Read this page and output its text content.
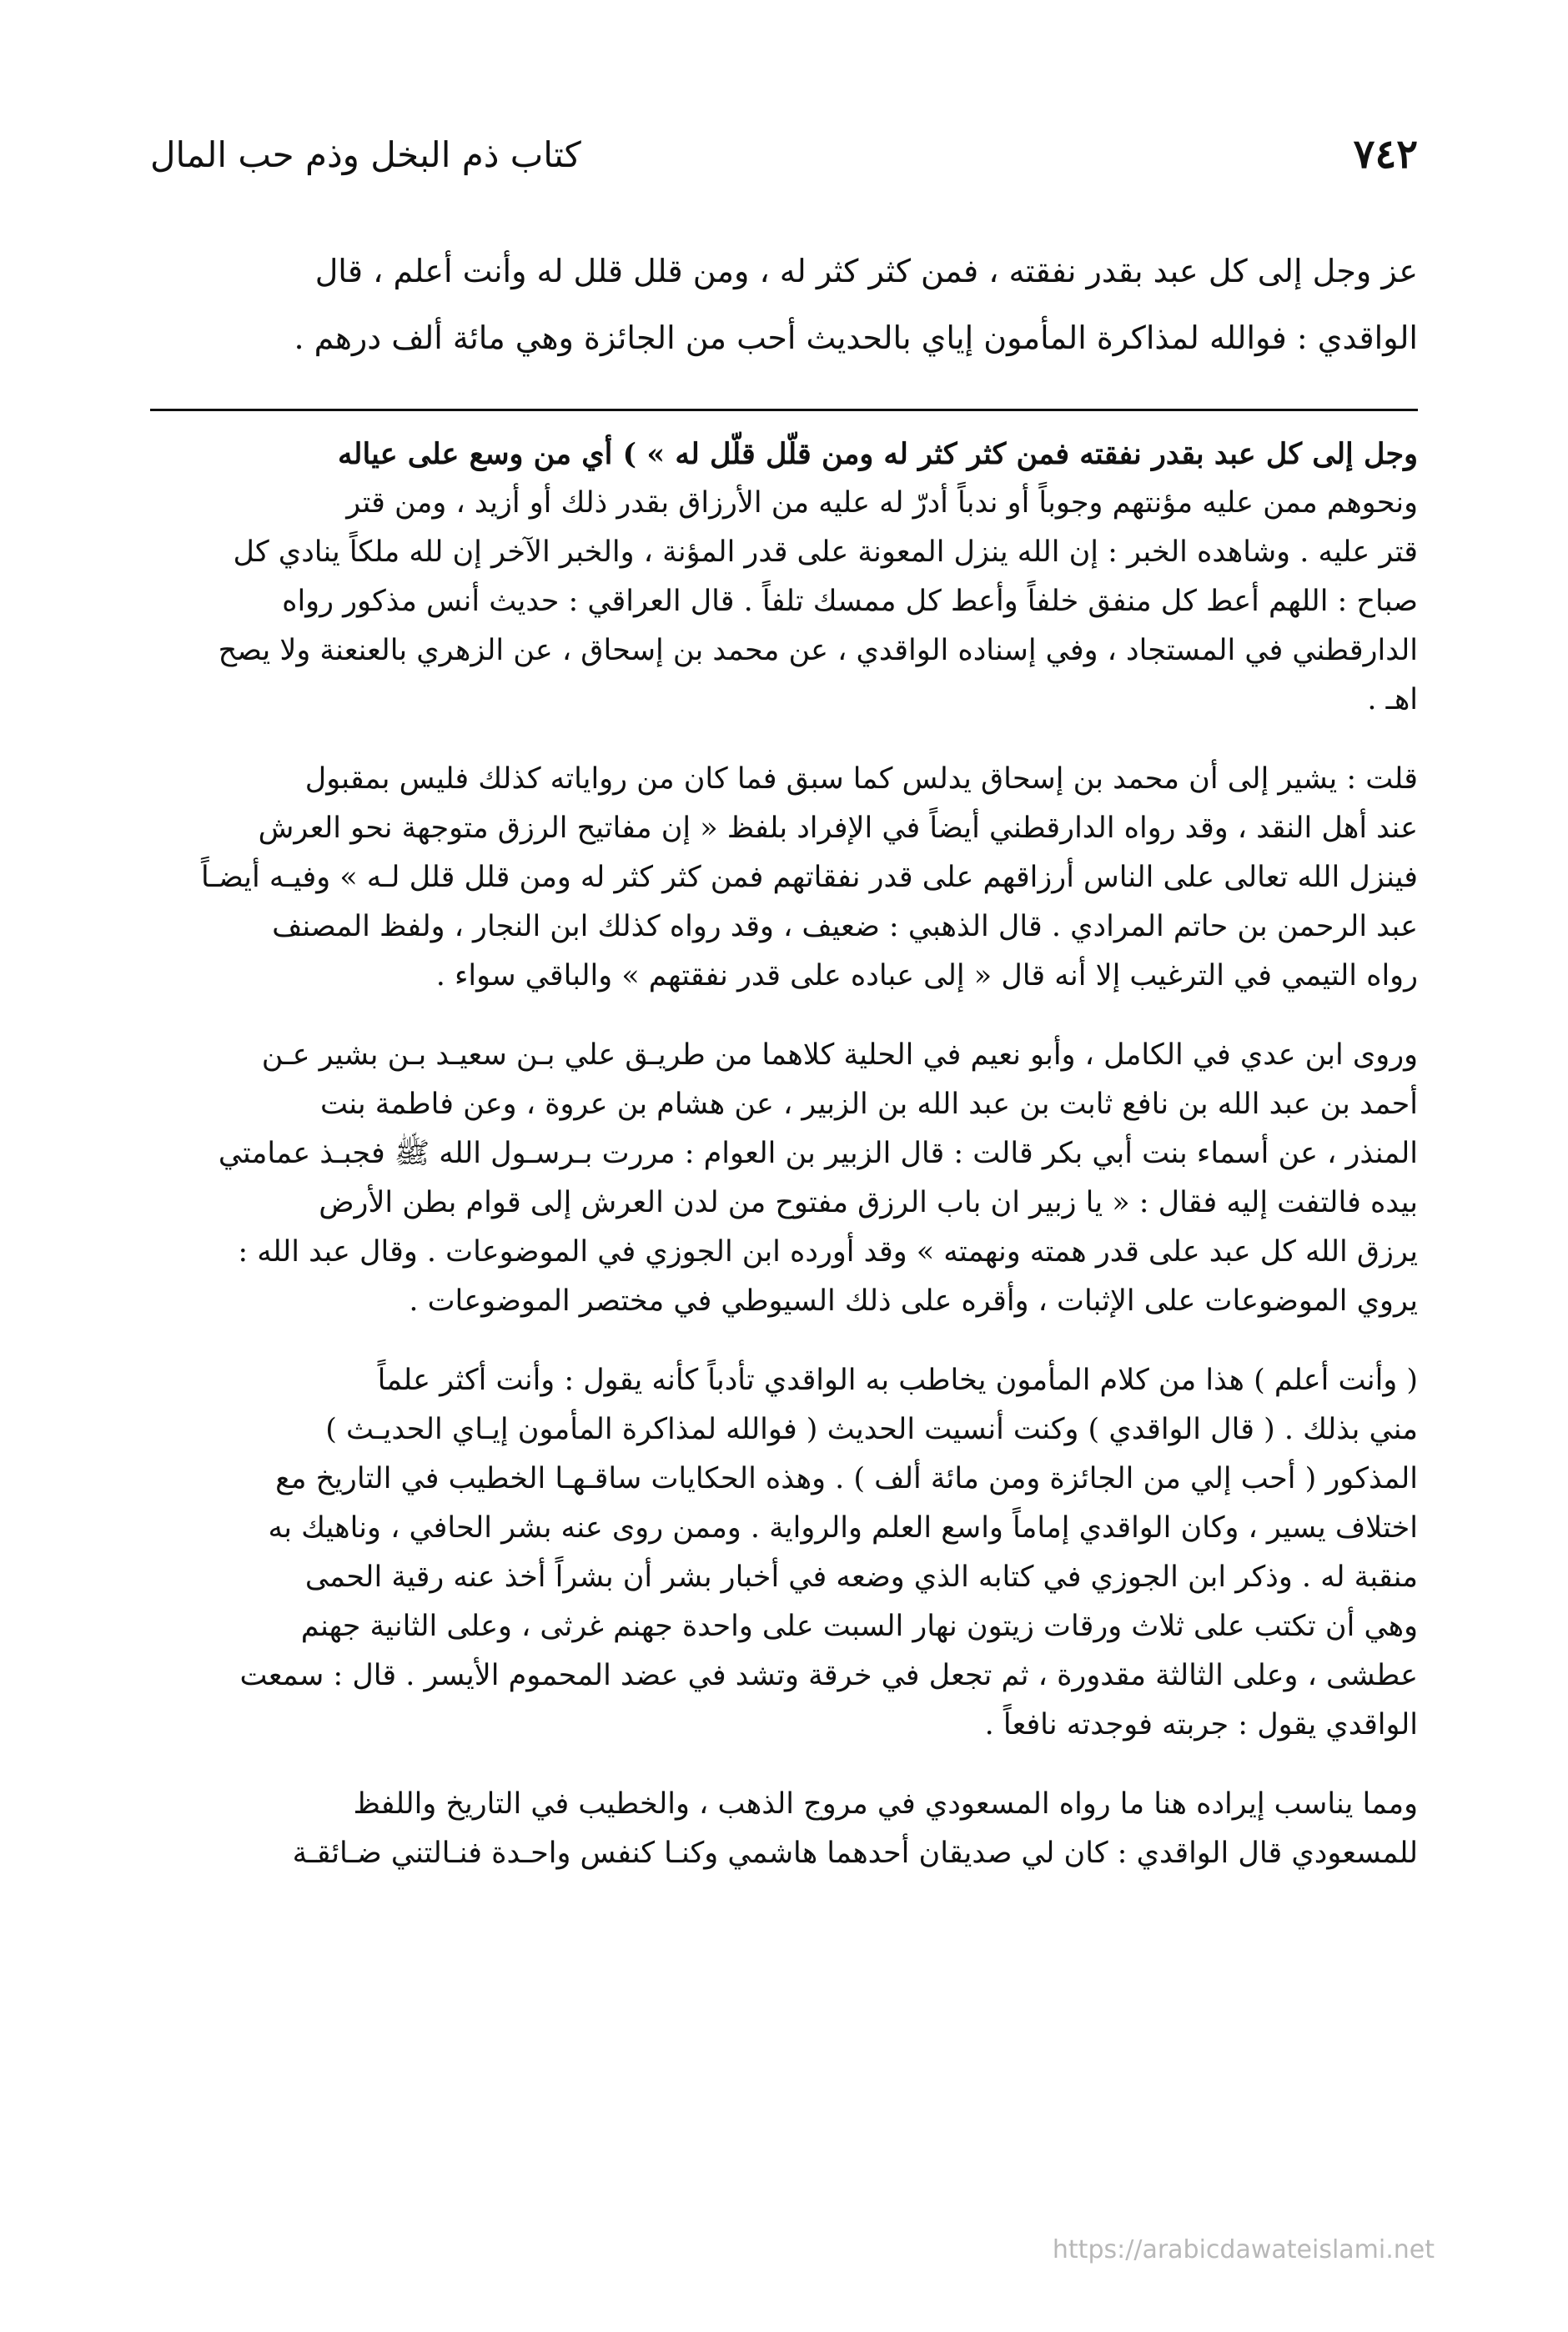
٧٤٢
كتاب ذم البخل وذم حب المال
عز وجل إلى كل عبد بقدر نفقته ، فمن كثر كثر له ، ومن قلل قلل له وأنت أعلم ، قال
الواقدي : فوالله لمذاكرة المأمون إياي بالحديث أحب من الجائزة وهي مائة ألف درهم .
وجل إلى كل عبد بقدر نفقته فمن كثر كثر له ومن قلّل قلّل له » ) أي من وسع على عياله
ونحوهم ممن عليه مؤنتهم وجوباً أو ندباً أدرّ له عليه من الأرزاق بقدر ذلك أو أزيد ، ومن قتر
قتر عليه . وشاهده الخبر : إن الله ينزل المعونة على قدر المؤنة ، والخبر الآخر إن لله ملكاً ينادي كل
صباح : اللهم أعط كل منفق خلفاً وأعط كل ممسك تلفاً . قال العراقي : حديث أنس مذكور رواه
الدارقطني في المستجاد ، وفي إسناده الواقدي ، عن محمد بن إسحاق ، عن الزهري بالعنعنة ولا يصح
اهـ .
قلت : يشير إلى أن محمد بن إسحاق يدلس كما سبق فما كان من رواياته كذلك فليس بمقبول
عند أهل النقد ، وقد رواه الدارقطني أيضاً في الإفراد بلفظ « إن مفاتيح الرزق متوجهة نحو العرش
فينزل الله تعالى على الناس أرزاقهم على قدر نفقاتهم فمن كثر كثر له ومن قلل قلل لـه » وفيـه أيضـاً
عبد الرحمن بن حاتم المرادي . قال الذهبي : ضعيف ، وقد رواه كذلك ابن النجار ، ولفظ المصنف
رواه التيمي في الترغيب إلا أنه قال « إلى عباده على قدر نفقتهم » والباقي سواء .
وروى ابن عدي في الكامل ، وأبو نعيم في الحلية كلاهما من طريـق علي بـن سعيـد بـن بشير عـن
أحمد بن عبد الله بن نافع ثابت بن عبد الله بن الزبير ، عن هشام بن عروة ، وعن فاطمة بنت
المنذر ، عن أسماء بنت أبي بكر قالت : قال الزبير بن العوام : مررت بـرسـول الله ﷺ فجبـذ عمامتي
بيده فالتفت إليه فقال : « يا زبير ان باب الرزق مفتوح من لدن العرش إلى قوام بطن الأرض
يرزق الله كل عبد على قدر همته ونهمته » وقد أورده ابن الجوزي في الموضوعات . وقال عبد الله :
يروي الموضوعات على الإثبات ، وأقره على ذلك السيوطي في مختصر الموضوعات .
( وأنت أعلم ) هذا من كلام المأمون يخاطب به الواقدي تأدباً كأنه يقول : وأنت أكثر علماً
مني بذلك . ( قال الواقدي ) وكنت أنسيت الحديث ( فوالله لمذاكرة المأمون إيـاي الحديـث )
المذكور ( أحب إلي من الجائزة ومن مائة ألف ) . وهذه الحكايات ساقـهـا الخطيب في التاريخ مع
اختلاف يسير ، وكان الواقدي إماماً واسع العلم والرواية . وممن روى عنه بشر الحافي ، وناهيك به
منقبة له . وذكر ابن الجوزي في كتابه الذي وضعه في أخبار بشر أن بشراً أخذ عنه رقية الحمى
وهي أن تكتب على ثلاث ورقات زيتون نهار السبت على واحدة جهنم غرثى ، وعلى الثانية جهنم
عطشى ، وعلى الثالثة مقدورة ، ثم تجعل في خرقة وتشد في عضد المحموم الأيسر . قال : سمعت
الواقدي يقول : جربته فوجدته نافعاً .
ومما يناسب إيراده هنا ما رواه المسعودي في مروج الذهب ، والخطيب في التاريخ واللفظ
للمسعودي قال الواقدي : كان لي صديقان أحدهما هاشمي وكنـا كنفس واحـدة فنـالتني ضـائقـة
https://arabicdawateislami.net
